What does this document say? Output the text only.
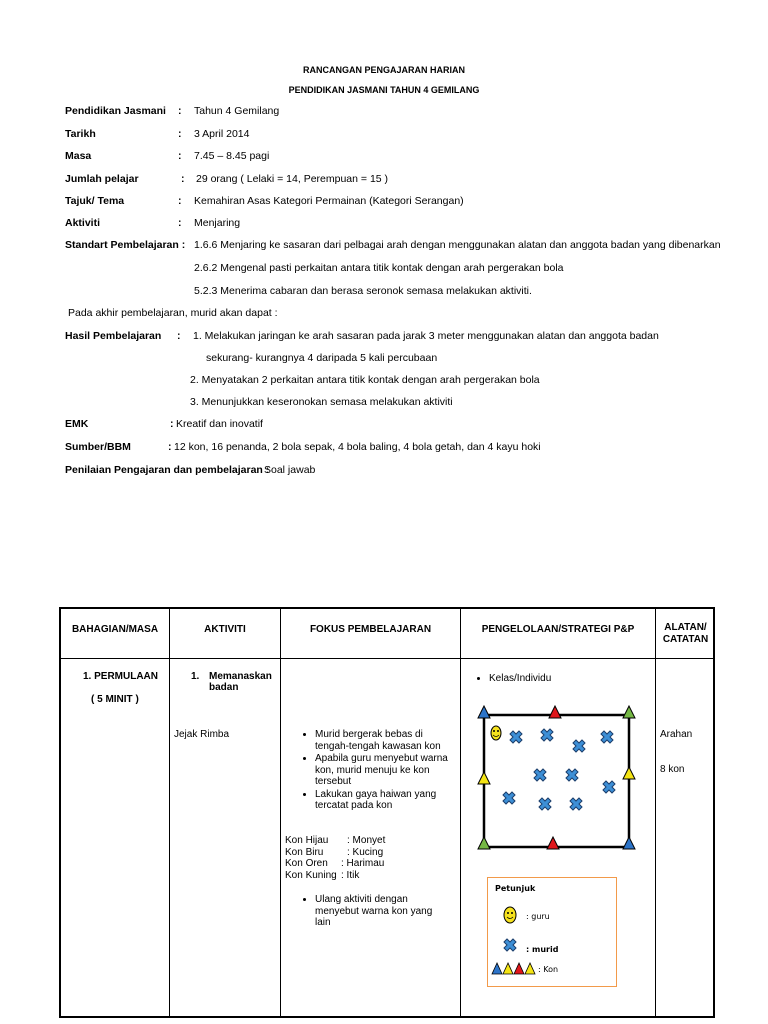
RANCANGAN PENGAJARAN HARIAN
PENDIDIKAN JASMANI TAHUN 4 GEMILANG
Pendidikan Jasmani : Tahun 4 Gemilang
Tarikh	: 3 April 2014
Masa	: 7.45 – 8.45 pagi
Jumlah pelajar	: 29 orang ( Lelaki = 14, Perempuan = 15 )
Tajuk/ Tema	: Kemahiran Asas Kategori Permainan (Kategori Serangan)
Aktiviti	: Menjaring
Standart Pembelajaran : 1.6.6 Menjaring ke sasaran dari pelbagai arah dengan menggunakan alatan dan anggota badan yang dibenarkan
2.6.2 Mengenal pasti perkaitan antara titik kontak dengan arah pergerakan bola
5.2.3 Menerima cabaran dan berasa seronok semasa melakukan aktiviti.
Pada akhir pembelajaran, murid akan dapat :
Hasil Pembelajaran : 1. Melakukan jaringan ke arah sasaran pada jarak 3 meter menggunakan alatan dan anggota badan
sekurang- kurangnya 4 daripada 5 kali percubaan
2. Menyatakan 2 perkaitan antara titik kontak dengan arah pergerakan bola
3. Menunjukkan keseronokan semasa melakukan aktiviti
EMK	: Kreatif dan inovatif
Sumber/BBM	: 12 kon, 16 penanda, 2 bola sepak, 4 bola baling, 4 bola getah, dan 4 kayu hoki
Penilaian Pengajaran dan pembelajaran :
Soal jawab
BAHAGIAN/MASA	AKTIVITI	FOKUS PEMBELAJARAN	PENGELOLAAN/STRATEGI P&P	ALATAN/
CATATAN
1. PERMULAAN
( 5 MINIT )
1. Memanaskan
badan
Jejak Rimba
•	Murid bergerak bebas di tengah-tengah kawasan kon
• Apabila guru menyebut warna kon, murid menuju ke kon tersebut
• Lakukan gaya haiwan yang tercatat pada kon
Kon Hijau : Monyet
Kon Biru : Kucing
Kon Oren : Harimau
Kon Kuning : Itik
• Ulang aktiviti dengan menyebut warna kon yang lain
• Kelas/Individu
Petunjuk
: guru
: murid
: Kon
Arahan
8 kon
